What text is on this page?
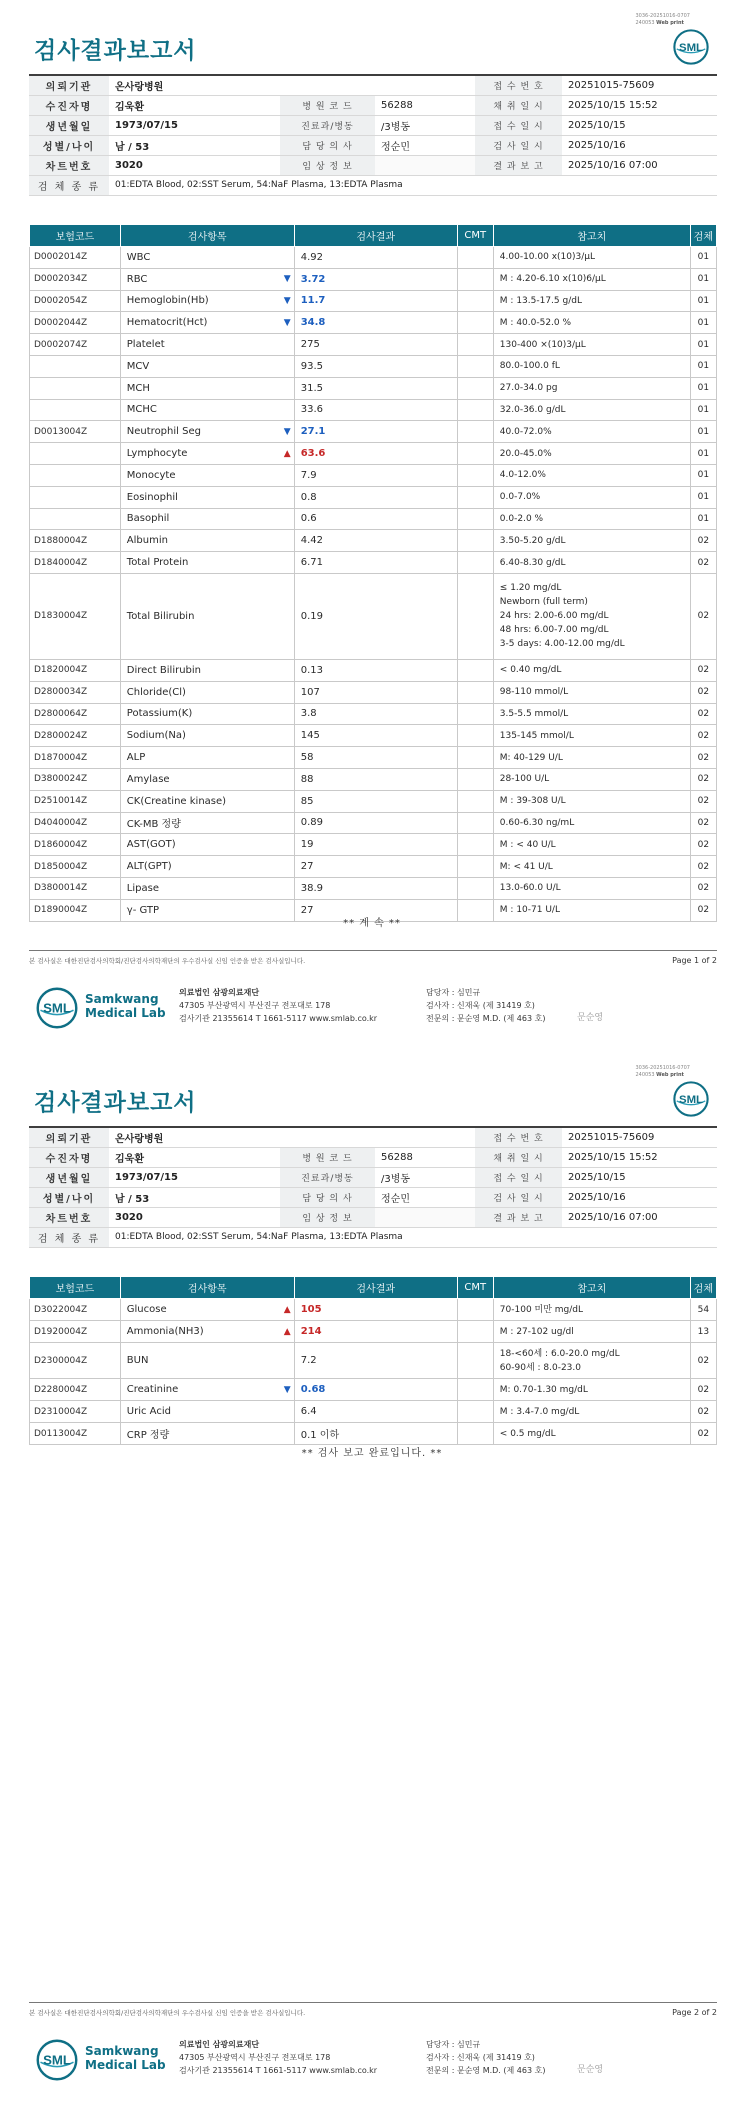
3036-20251016-0707
240053 Web print
검사결과보고서	SML
의뢰기관	온사랑병원			접 수 번 호	20251015-75609
수진자명	김욱환	병 원 코 드	56288	채 취 일 시	2025/10/15 15:52
생년월일	1973/07/15	진료과/병동	/3병동	접 수 일 시	2025/10/15
성별/나이	남 / 53	담 당 의 사	정순민	검 사 일 시	2025/10/16
차트번호	3020	임 상 정 보		결 과 보 고	2025/10/16 07:00
검 체 종 류	01:EDTA Blood, 02:SST Serum, 54:NaF Plasma, 13:EDTA Plasma				
보험코드	검사항목		검사결과	CMT	참고치	검체
D0002014Z	WBC		4.92		4.00-10.00 x(10)3/μL	01
D0002034Z	RBC	▼	3.72		M : 4.20-6.10 x(10)6/μL	01
D0002054Z	Hemoglobin(Hb)	▼	11.7		M : 13.5-17.5 g/dL	01
D0002044Z	Hematocrit(Hct)	▼	34.8		M : 40.0-52.0 %	01
D0002074Z	Platelet		275		130-400 ×(10)3/μL	01
	MCV		93.5		80.0-100.0 fL	01
	MCH		31.5		27.0-34.0 pg	01
	MCHC		33.6		32.0-36.0 g/dL	01
D0013004Z	Neutrophil Seg	▼	27.1		40.0-72.0%	01
	Lymphocyte	▲	63.6		20.0-45.0%	01
	Monocyte		7.9		4.0-12.0%	01
	Eosinophil		0.8		0.0-7.0%	01
	Basophil		0.6		0.0-2.0 %	01
D1880004Z	Albumin		4.42		3.50-5.20 g/dL	02
D1840004Z	Total Protein		6.71		6.40-8.30 g/dL	02
D1830004Z	Total Bilirubin		0.19		≤ 1.20 mg/dL
Newborn (full term)
24 hrs: 2.00-6.00 mg/dL
48 hrs: 6.00-7.00 mg/dL
3-5 days: 4.00-12.00 mg/dL	02
D1820004Z	Direct Bilirubin		0.13		< 0.40 mg/dL	02
D2800034Z	Chloride(Cl)		107		98-110 mmol/L	02
D2800064Z	Potassium(K)		3.8		3.5-5.5 mmol/L	02
D2800024Z	Sodium(Na)		145		135-145 mmol/L	02
D1870004Z	ALP		58		M: 40-129 U/L	02
D3800024Z	Amylase		88		28-100 U/L	02
D2510014Z	CK(Creatine kinase)		85		M : 39-308 U/L	02
D4040004Z	CK-MB 정량		0.89		0.60-6.30 ng/mL	02
D1860004Z	AST(GOT)		19		M : < 40 U/L	02
D1850004Z	ALT(GPT)		27		M: < 41 U/L	02
D3800014Z	Lipase		38.9		13.0-60.0 U/L	02
D1890004Z	γ- GTP		27		M : 10-71 U/L	02
** 계 속 **
본 검사실은 대한진단검사의학회/진단검사의학재단의 우수검사실 신임 인증을 받은 검사실입니다.	Page 1 of 2
SML
Samkwang
Medical Lab
의료법인 삼광의료재단
47305 부산광역시 부산진구 전포대로 178
검사기관 21355614 T 1661-5117 www.smlab.co.kr
담당자 : 심민규
검사자 : 신재욱 (제 31419 호)
전문의 : 문순영 M.D. (제 463 호)	문순영
3036-20251016-0707
240053 Web print
검사결과보고서	SML
의뢰기관	온사랑병원			접 수 번 호	20251015-75609
수진자명	김욱환	병 원 코 드	56288	채 취 일 시	2025/10/15 15:52
생년월일	1973/07/15	진료과/병동	/3병동	접 수 일 시	2025/10/15
성별/나이	남 / 53	담 당 의 사	정순민	검 사 일 시	2025/10/16
차트번호	3020	임 상 정 보		결 과 보 고	2025/10/16 07:00
검 체 종 류	01:EDTA Blood, 02:SST Serum, 54:NaF Plasma, 13:EDTA Plasma				
보험코드	검사항목		검사결과	CMT	참고치	검체
D3022004Z	Glucose	▲	105		70-100 미만 mg/dL	54
D1920004Z	Ammonia(NH3)	▲	214		M : 27-102 ug/dl	13
D2300004Z	BUN		7.2		18-<60세 : 6.0-20.0 mg/dL
60-90세 : 8.0-23.0	02
D2280004Z	Creatinine	▼	0.68		M: 0.70-1.30 mg/dL	02
D2310004Z	Uric Acid		6.4		M : 3.4-7.0 mg/dL	02
D0113004Z	CRP 정량		0.1 이하		< 0.5 mg/dL	02
** 검사 보고 완료입니다. **
본 검사실은 대한진단검사의학회/진단검사의학재단의 우수검사실 신임 인증을 받은 검사실입니다.	Page 2 of 2
SML
Samkwang
Medical Lab
의료법인 삼광의료재단
47305 부산광역시 부산진구 전포대로 178
검사기관 21355614 T 1661-5117 www.smlab.co.kr
담당자 : 심민규
검사자 : 신재욱 (제 31419 호)
전문의 : 문순영 M.D. (제 463 호)	문순영
